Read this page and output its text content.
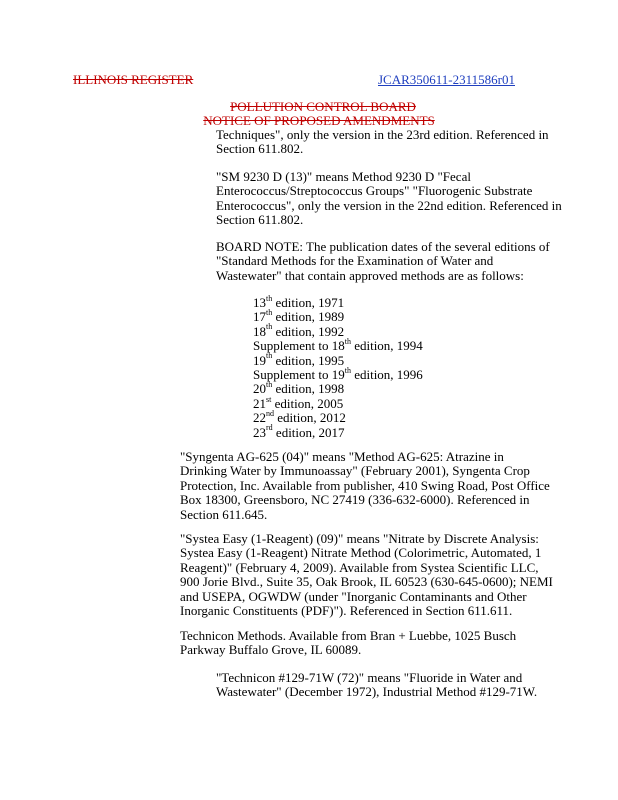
ILLINOIS REGISTER	JCAR350611-2311586r01
POLLUTION CONTROL BOARD
NOTICE OF PROPOSED AMENDMENTS
Techniques", only the version in the 23rd edition. Referenced in
Section 611.802.
"SM 9230 D (13)" means Method 9230 D "Fecal
Enterococcus/Streptococcus Groups" "Fluorogenic Substrate
Enterococcus", only the version in the 22nd edition. Referenced in
Section 611.802.
BOARD NOTE: The publication dates of the several editions of
"Standard Methods for the Examination of Water and
Wastewater" that contain approved methods are as follows:
13th edition, 1971
17th edition, 1989
18th edition, 1992
Supplement to 18th edition, 1994
19th edition, 1995
Supplement to 19th edition, 1996
20th edition, 1998
21st edition, 2005
22nd edition, 2012
23rd edition, 2017
"Syngenta AG-625 (04)" means "Method AG-625: Atrazine in
Drinking Water by Immunoassay" (February 2001), Syngenta Crop
Protection, Inc. Available from publisher, 410 Swing Road, Post Office
Box 18300, Greensboro, NC 27419 (336-632-6000). Referenced in
Section 611.645.
"Systea Easy (1-Reagent) (09)" means "Nitrate by Discrete Analysis:
Systea Easy (1-Reagent) Nitrate Method (Colorimetric, Automated, 1
Reagent)" (February 4, 2009). Available from Systea Scientific LLC,
900 Jorie Blvd., Suite 35, Oak Brook, IL 60523 (630-645-0600); NEMI
and USEPA, OGWDW (under "Inorganic Contaminants and Other
Inorganic Constituents (PDF)"). Referenced in Section 611.611.
Technicon Methods. Available from Bran + Luebbe, 1025 Busch
Parkway Buffalo Grove, IL 60089.
"Technicon #129-71W (72)" means "Fluoride in Water and
Wastewater" (December 1972), Industrial Method #129-71W.
